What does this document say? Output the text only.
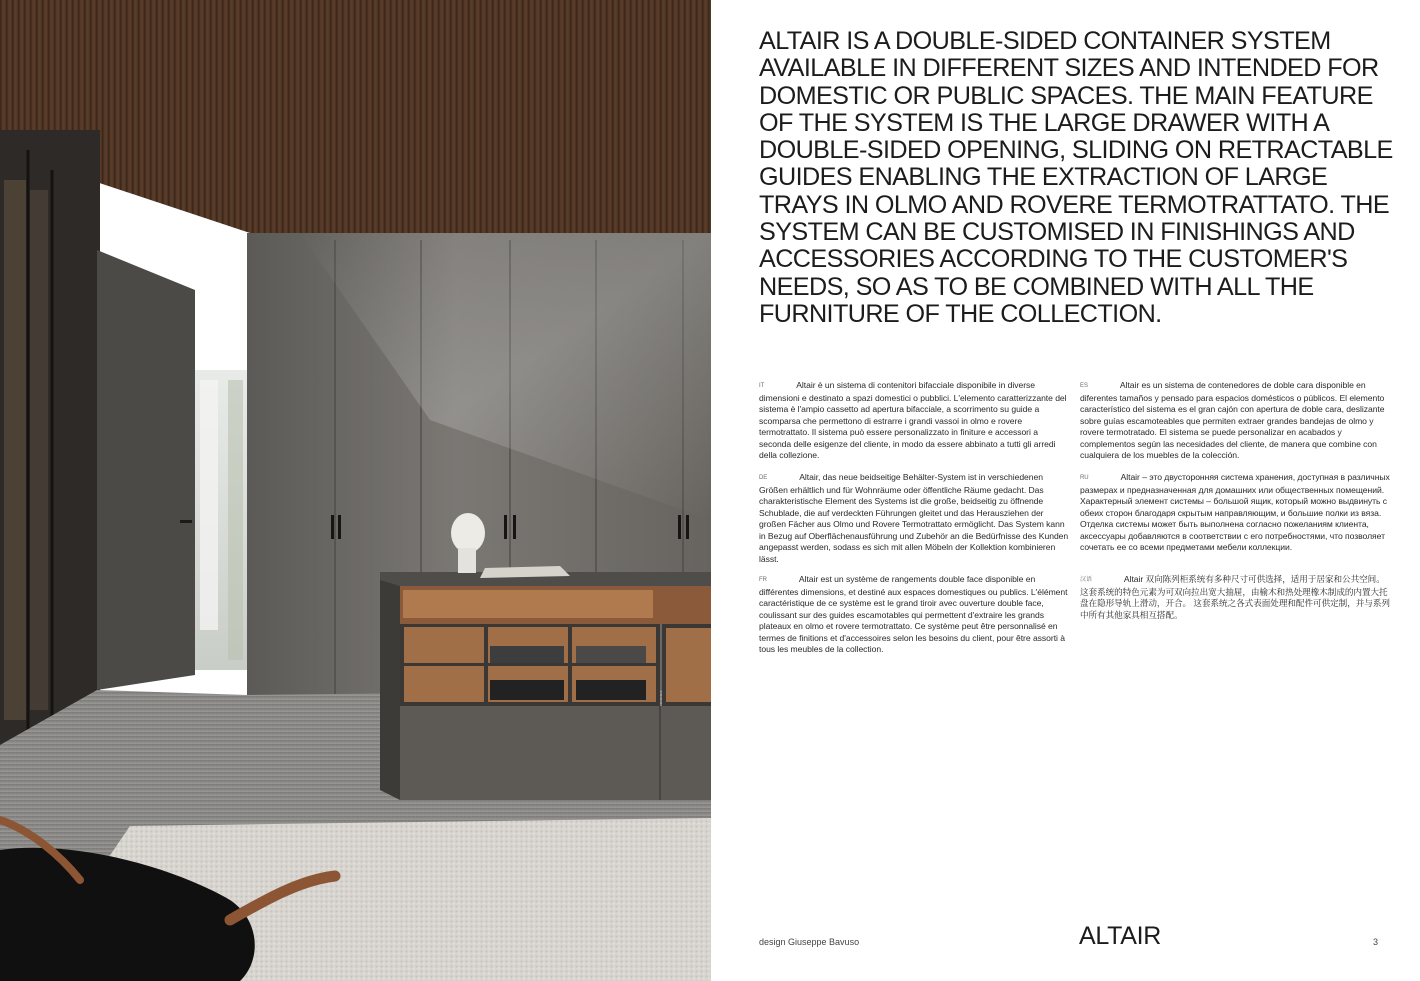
ALTAIR IS A DOUBLE-SIDED CONTAINER SYSTEM AVAILABLE IN DIFFERENT SIZES AND INTENDED FOR DOMESTIC OR PUBLIC SPACES. THE MAIN FEATURE OF THE SYSTEM IS THE LARGE DRAWER WITH A DOUBLE-SIDED OPENING, SLIDING ON RETRACTABLE GUIDES ENABLING THE EXTRACTION OF LARGE TRAYS IN OLMO AND ROVERE TERMOTRATTATO. THE SYSTEM CAN BE CUSTOMISED IN FINISHINGS AND ACCESSORIES ACCORDING TO THE CUSTOMER'S NEEDS, SO AS TO BE COMBINED WITH ALL THE FURNITURE OF THE COLLECTION.

IT	Altair è un sistema di contenitori bifacciale disponibile in diverse dimensioni e destinato a spazi domestici o pubblici. L'elemento caratterizzante del sistema è l'ampio cassetto ad apertura bifacciale, a scorrimento su guide a scomparsa che permettono di estrarre i grandi vassoi in olmo e rovere termotrattato. Il sistema può essere personalizzato in finiture e accessori a seconda delle esigenze del cliente, in modo da essere abbinato a tutti gli arredi della collezione.

DE	Altair, das neue beidseitige Behälter-System ist in verschiedenen Größen erhältlich und für Wohnräume oder öffentliche Räume gedacht. Das charakteristische Element des Systems ist die große, beidseitig zu öffnende Schublade, die auf verdeckten Führungen gleitet und das Herausziehen der großen Fächer aus Olmo und Rovere Termotrattato ermöglicht. Das System kann in Bezug auf Oberflächenausführung und Zubehör an die Bedürfnisse des Kunden angepasst werden, sodass es sich mit allen Möbeln der Kollektion kombinieren lässt.

FR	Altair est un système de rangements double face disponible en différentes dimensions, et destiné aux espaces domestiques ou publics. L'élément caractéristique de ce système est le grand tiroir avec ouverture double face, coulissant sur des guides escamotables qui permettent d'extraire les grands plateaux en olmo et rovere termotrattato. Ce système peut être personnalisé en termes de finitions et d'accessoires selon les besoins du client, pour être assorti à tous les meubles de la collection.

ES	Altair es un sistema de contenedores de doble cara disponible en diferentes tamaños y pensado para espacios domésticos o públicos. El elemento característico del sistema es el gran cajón con apertura de doble cara, deslizante sobre guías escamoteables que permiten extraer grandes bandejas de olmo y rovere termotratado. El sistema se puede personalizar en acabados y complementos según las necesidades del cliente, de manera que combine con cualquiera de los muebles de la colección.

RU	Altair – это двусторонняя система хранения, доступная в различных размерах и предназначенная для домашних или общественных помещений. Характерный элемент системы – большой ящик, который можно выдвинуть с обеих сторон благодаря скрытым направляющим, и большие полки из вяза. Отделка системы может быть выполнена согласно пожеланиям клиента, аксессуары добавляются в соответствии с его потребностями, что позволяет сочетать ее со всеми предметами мебели коллекции.

汉语	Altair 双向陈列柜系统有多种尺寸可供选择，适用于居家和公共空间。这套系统的特色元素为可双向拉出宽大抽屉，由榆木和热处理橡木制成的内置大托盘在隐形导轨上滑动，开合。 这套系统之各式表面处理和配件可供定制，并与系列中所有其他家具相互搭配。

design Giuseppe Bavuso	ALTAIR	3
